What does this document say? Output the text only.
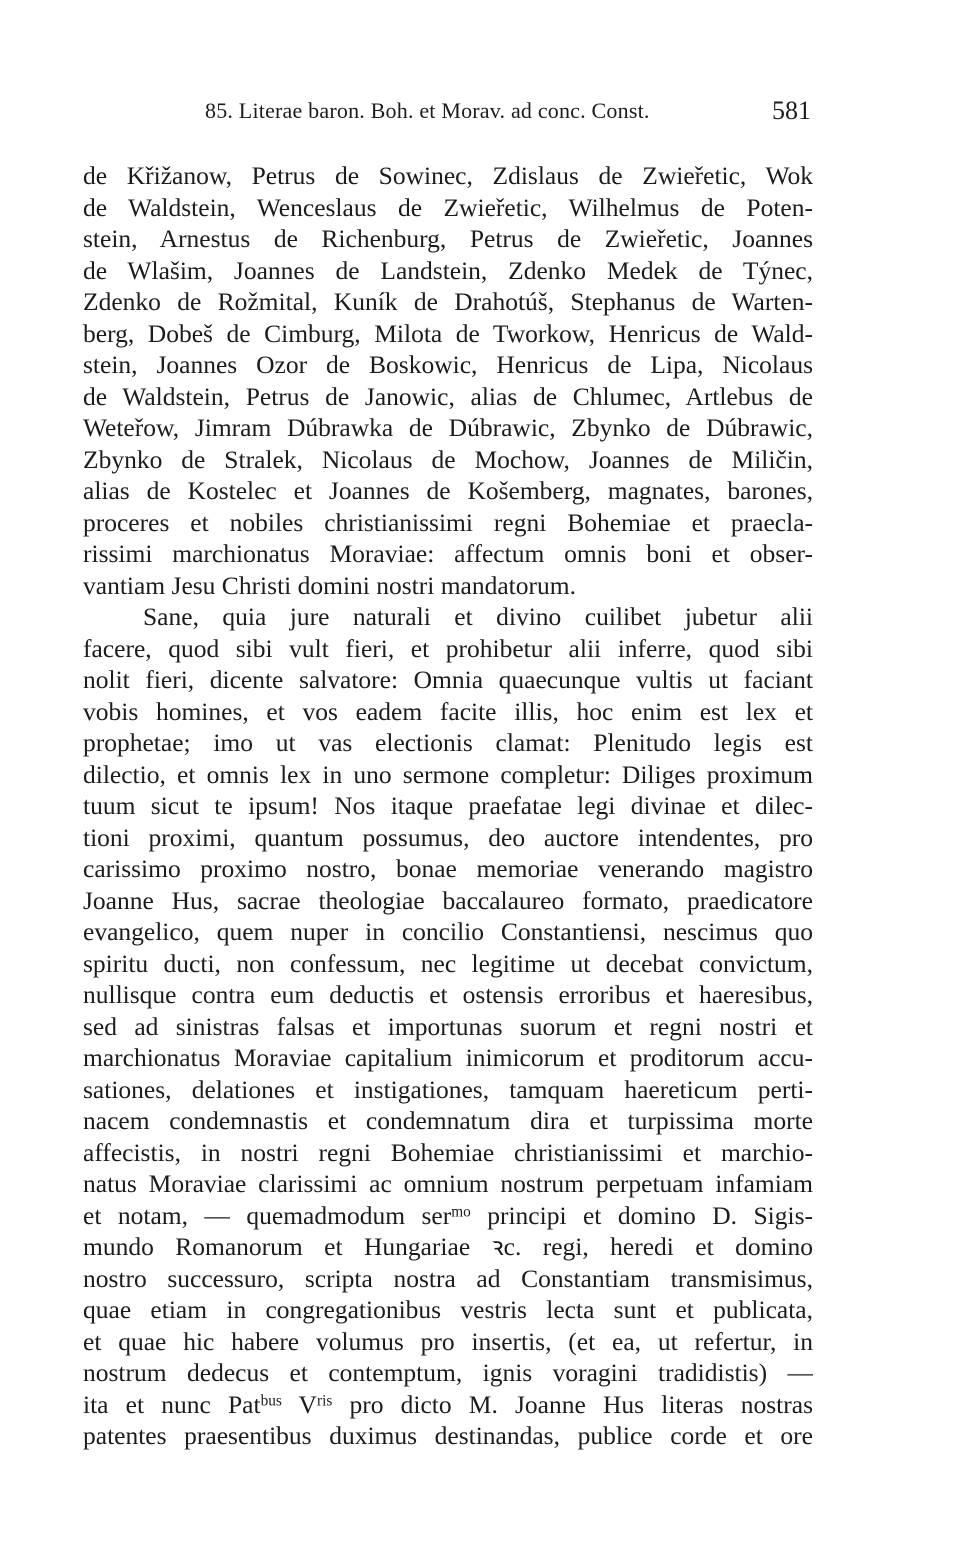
85. Literae baron. Boh. et Morav. ad conc. Const.	581
de Křižanow, Petrus de Sowinec, Zdislaus de Zwieřetic, Wok
de Waldstein, Wenceslaus de Zwieřetic, Wilhelmus de Poten-
stein, Arnestus de Richenburg, Petrus de Zwieřetic, Joannes
de Wlašim, Joannes de Landstein, Zdenko Medek de Týnec,
Zdenko de Rožmital, Kuník de Drahotúš, Stephanus de Warten-
berg, Dobeš de Cimburg, Milota de Tworkow, Henricus de Wald-
stein, Joannes Ozor de Boskowic, Henricus de Lipa, Nicolaus
de Waldstein, Petrus de Janowic, alias de Chlumec, Artlebus de
Weteřow, Jimram Dúbrawka de Dúbrawic, Zbynko de Dúbrawic,
Zbynko de Stralek, Nicolaus de Mochow, Joannes de Miličin,
alias de Kostelec et Joannes de Košemberg, magnates, barones,
proceres et nobiles christianissimi regni Bohemiae et praecla-
rissimi marchionatus Moraviae: affectum omnis boni et obser-
vantiam Jesu Christi domini nostri mandatorum.
Sane, quia jure naturali et divino cuilibet jubetur alii
facere, quod sibi vult fieri, et prohibetur alii inferre, quod sibi
nolit fieri, dicente salvatore: Omnia quaecunque vultis ut faciant
vobis homines, et vos eadem facite illis, hoc enim est lex et
prophetae; imo ut vas electionis clamat: Plenitudo legis est
dilectio, et omnis lex in uno sermone completur: Diliges proximum
tuum sicut te ipsum! Nos itaque praefatae legi divinae et dilec-
tioni proximi, quantum possumus, deo auctore intendentes, pro
carissimo proximo nostro, bonae memoriae venerando magistro
Joanne Hus, sacrae theologiae baccalaureo formato, praedicatore
evangelico, quem nuper in concilio Constantiensi, nescimus quo
spiritu ducti, non confessum, nec legitime ut decebat convictum,
nullisque contra eum deductis et ostensis erroribus et haeresibus,
sed ad sinistras falsas et importunas suorum et regni nostri et
marchionatus Moraviae capitalium inimicorum et proditorum accu-
sationes, delationes et instigationes, tamquam haereticum perti-
nacem condemnastis et condemnatum dira et turpissima morte
affecistis, in nostri regni Bohemiae christianissimi et marchio-
natus Moraviae clarissimi ac omnium nostrum perpetuam infamiam
et notam, — quemadmodum ser$^{mo}$ principi et domino D. Sigis-
mundo Romanorum et Hungariae ꝛc. regi, heredi et domino
nostro successuro, scripta nostra ad Constantiam transmisimus,
quae etiam in congregationibus vestris lecta sunt et publicata,
et quae hic habere volumus pro insertis, (et ea, ut refertur, in
nostrum dedecus et contemptum, ignis voragini tradidistis) —
ita et nunc Pat$^{bus}$ $V^{ris}$ pro dicto M. Joanne Hus literas nostras
patentes praesentibus duximus destinandas, publice corde et ore
